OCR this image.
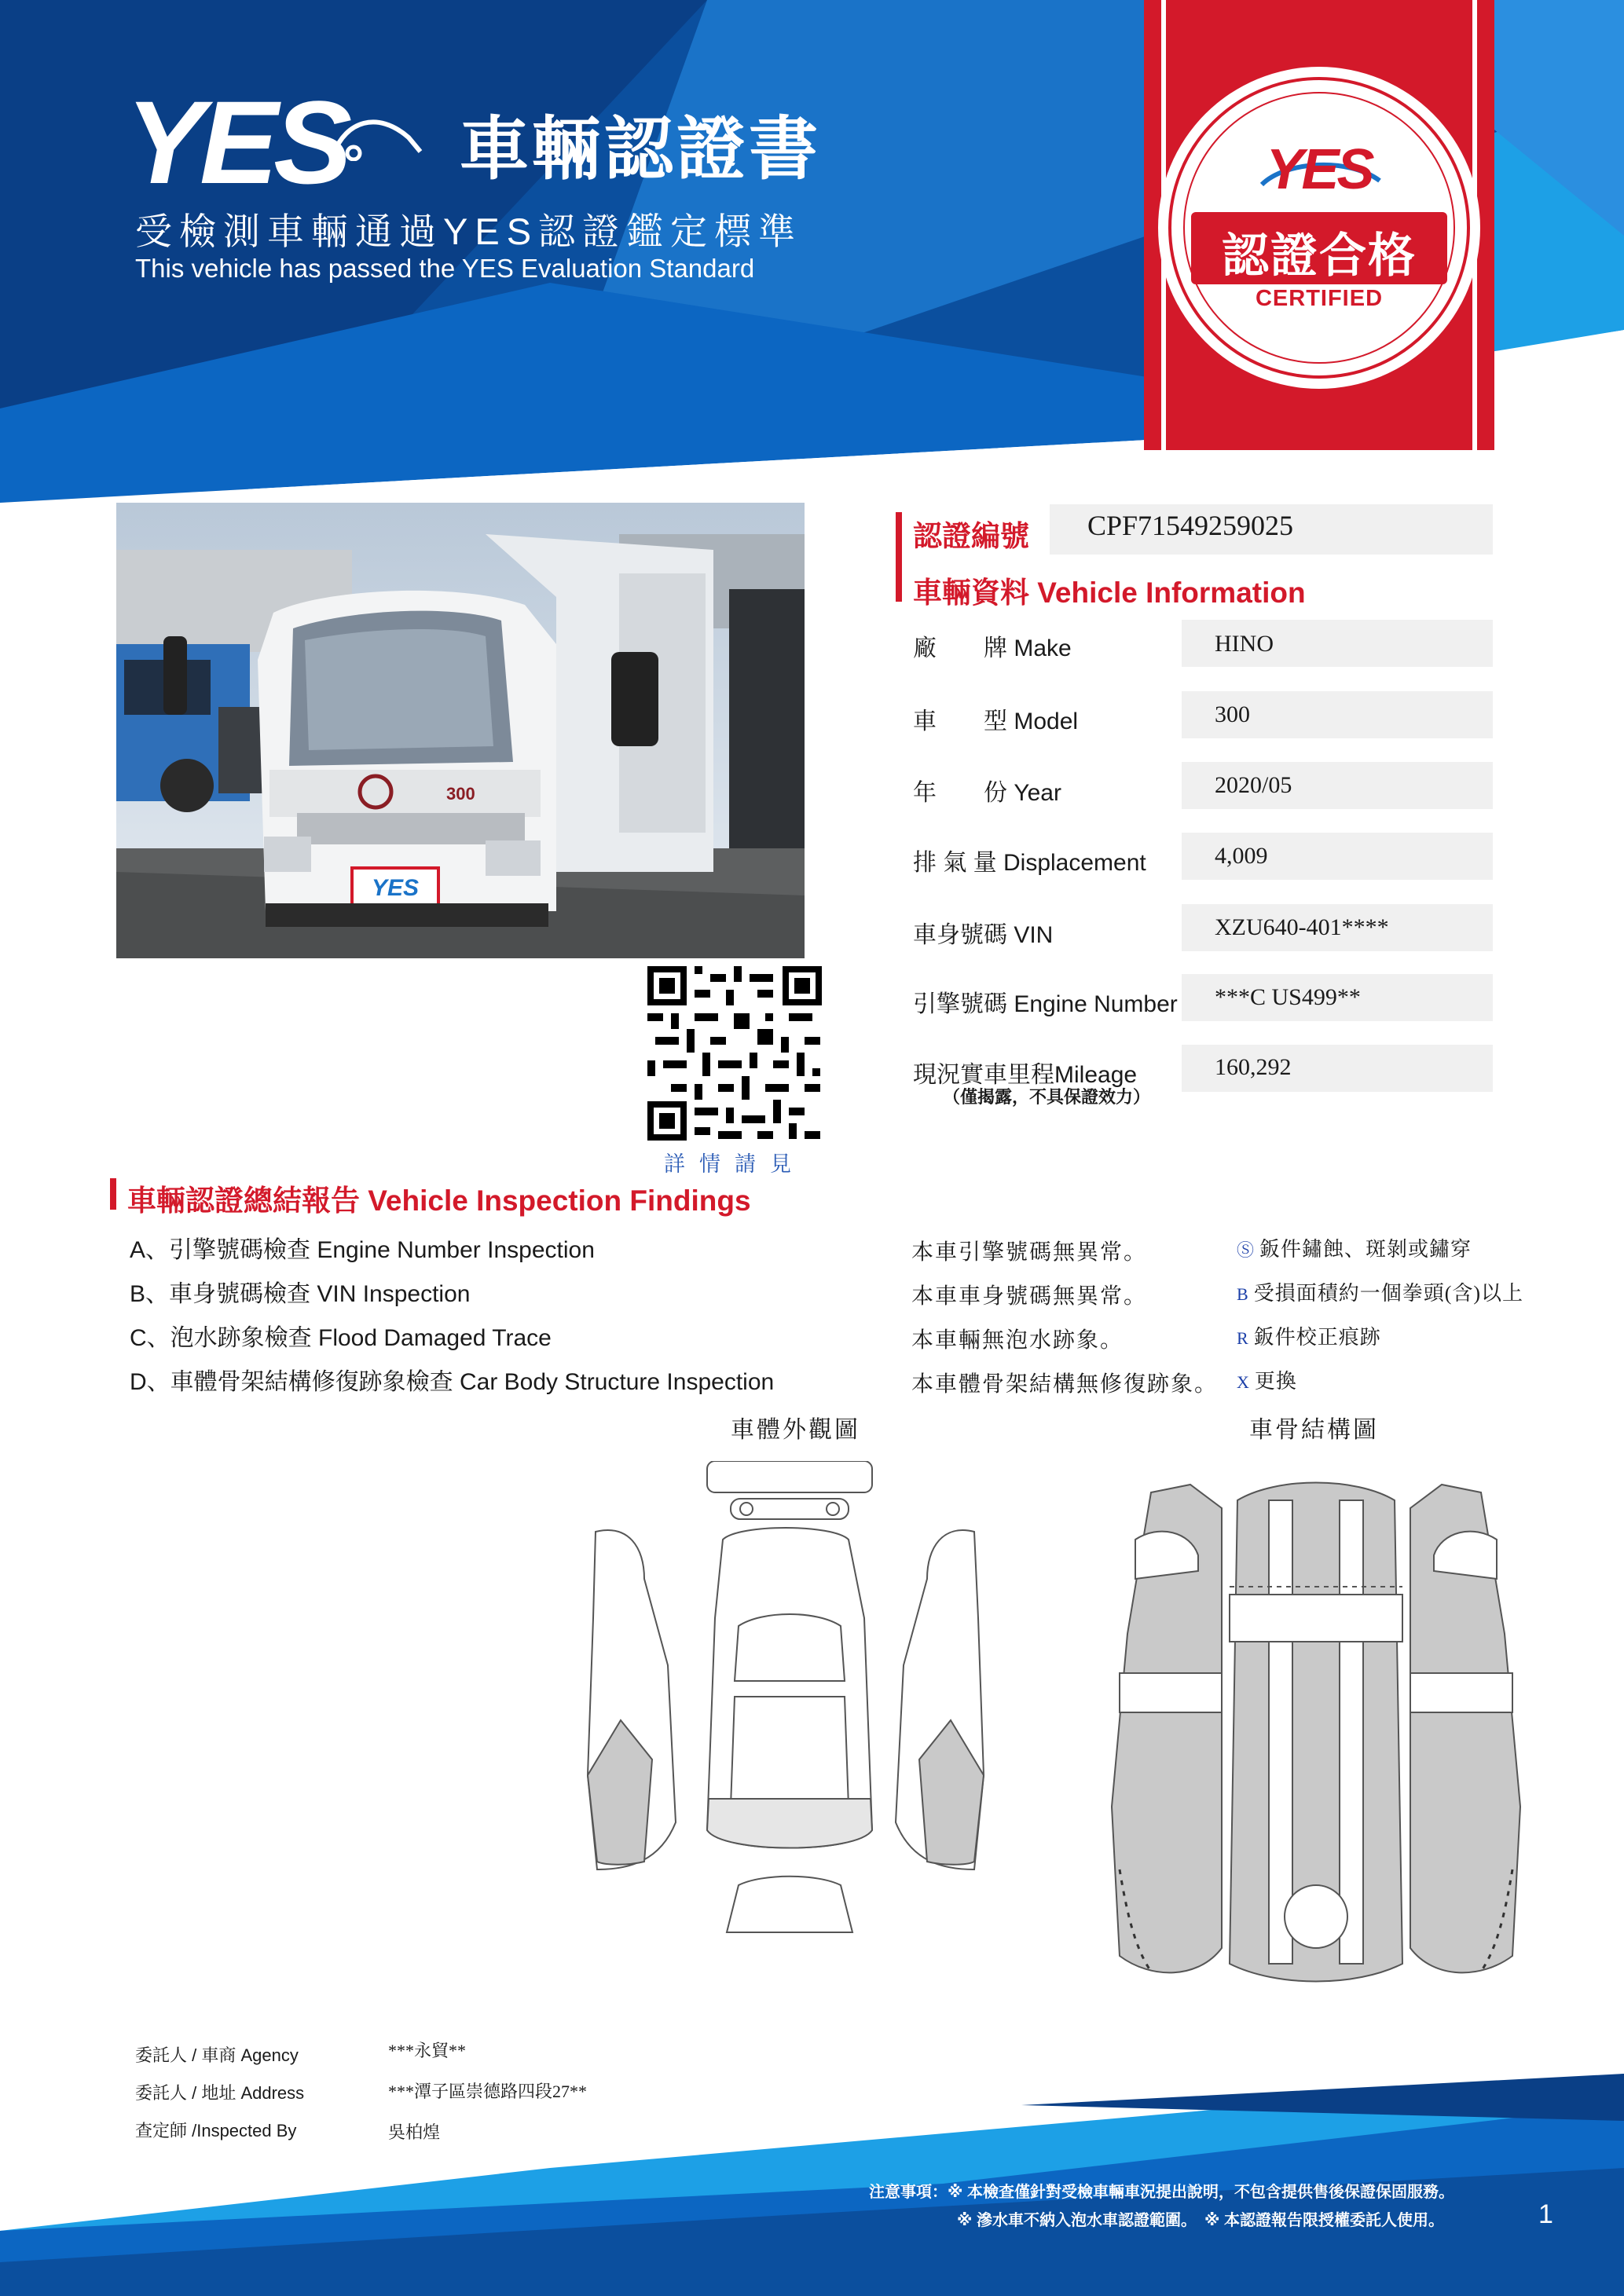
YES 車輛認證書
受檢測車輛通過YES認證鑑定標準
This vehicle has passed the YES Evaluation Standard
YES
認證合格
CERTIFIED
YES
300
詳情請見
認證編號 CPF71549259025
車輛資料 Vehicle Information
廠　　牌 Make	HINO
車　　型 Model	300
年　　份 Year	2020/05
排 氣 量 Displacement	4,009
車身號碼 VIN	XZU640-401****
引擎號碼 Engine Number ***C US499**
現況實車里程Mileage	160,292
（僅揭露，不具保證效力）
車輛認證總結報告 Vehicle Inspection Findings
A、引擎號碼檢查 Engine Number Inspection
B、車身號碼檢查 VIN Inspection
C、泡水跡象檢查 Flood Damaged Trace
D、車體骨架結構修復跡象檢查 Car Body Structure Inspection
本車引擎號碼無異常。
本車車身號碼無異常。
本車輛無泡水跡象。
本車體骨架結構無修復跡象。
Ⓢ 鈑件鏽蝕、斑剝或鏽穿
B 受損面積約一個拳頭(含)以上
R 鈑件校正痕跡
X 更換
車體外觀圖	車骨結構圖
委託人 / 車商 Agency	***永貿**
委託人 / 地址 Address	***潭子區崇德路四段27**
查定師 /Inspected By	吳柏煌
注意事項：※ 本檢查僅針對受檢車輛車況提出說明，不包含提供售後保證保固服務。
※ 滲水車不納入泡水車認證範圍。　※ 本認證報告限授權委託人使用。	1
